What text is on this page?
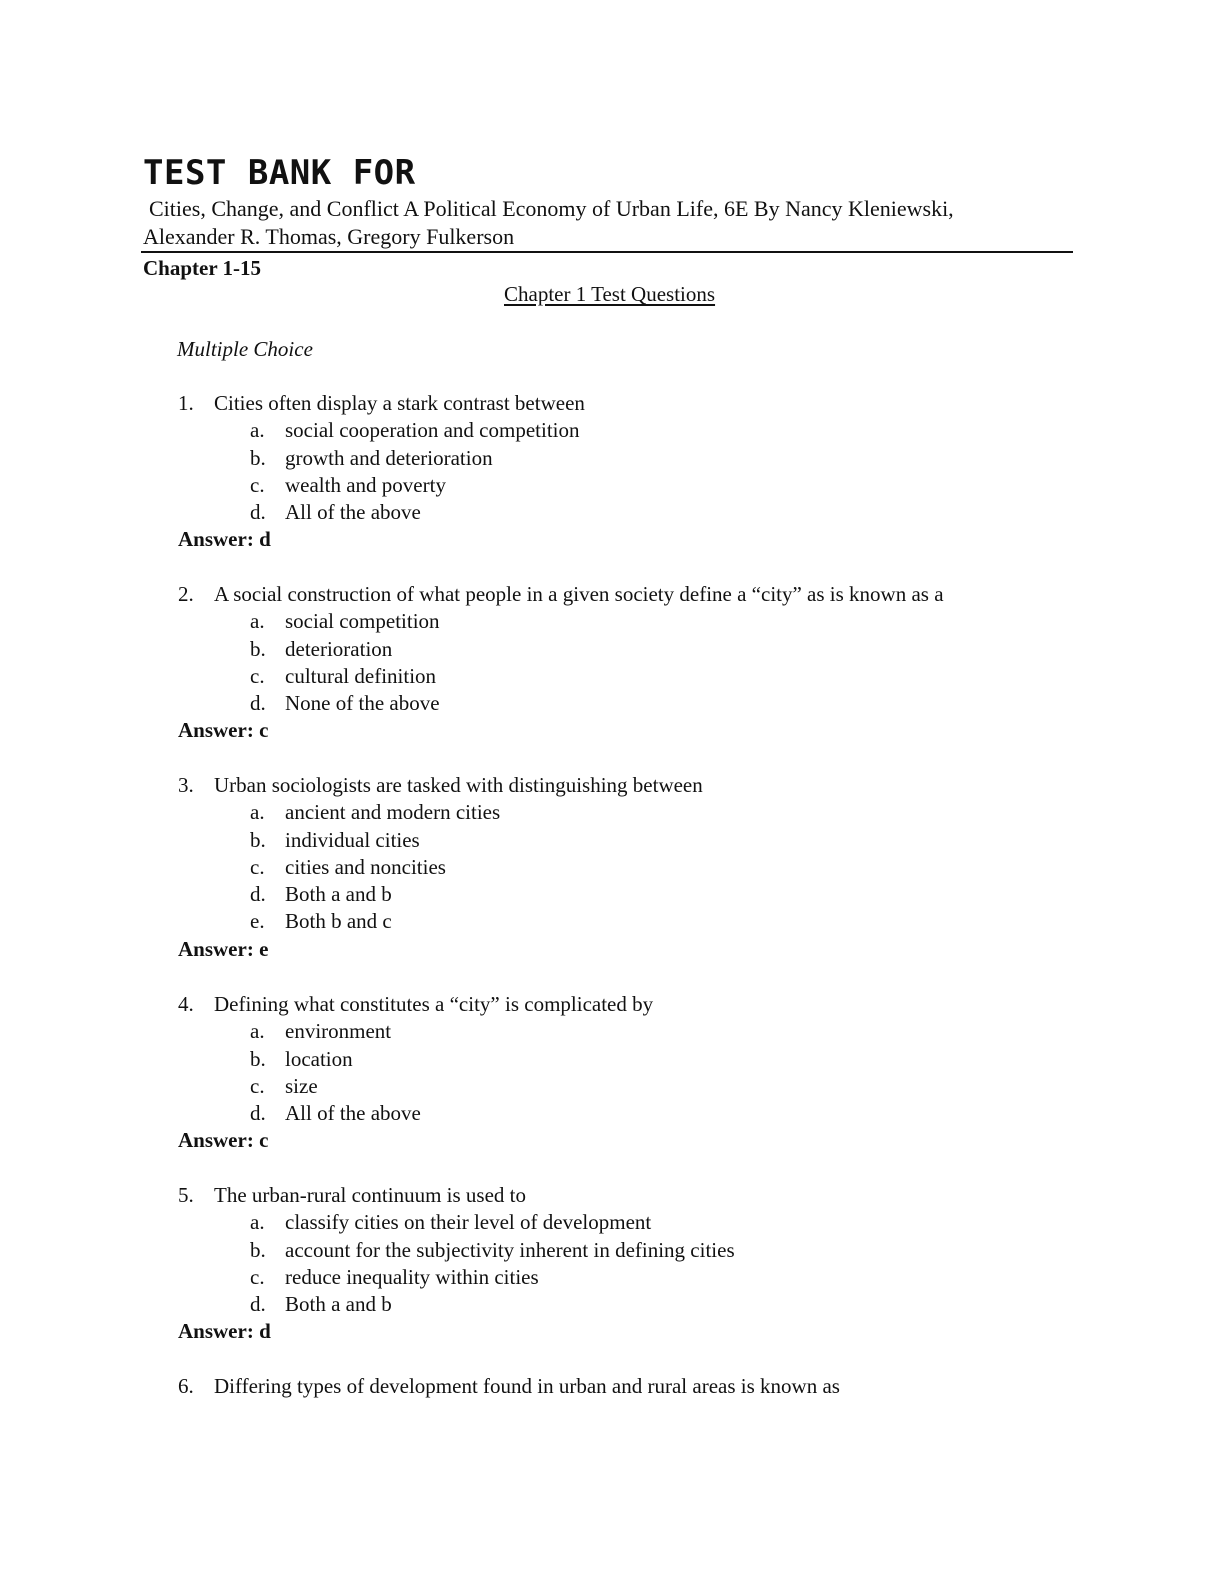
TEST BANK FOR
Cities, Change, and Conflict A Political Economy of Urban Life, 6E By Nancy Kleniewski,
Alexander R. Thomas, Gregory Fulkerson
Chapter 1-15
Chapter 1 Test Questions
Multiple Choice
1. Cities often display a stark contrast between
a. social cooperation and competition
b. growth and deterioration
c. wealth and poverty
d. All of the above
Answer: d
2. A social construction of what people in a given society define a “city” as is known as a
a. social competition
b. deterioration
c. cultural definition
d. None of the above
Answer: c
3. Urban sociologists are tasked with distinguishing between
a. ancient and modern cities
b. individual cities
c. cities and noncities
d. Both a and b
e. Both b and c
Answer: e
4. Defining what constitutes a “city” is complicated by
a. environment
b. location
c. size
d. All of the above
Answer: c
5. The urban-rural continuum is used to
a. classify cities on their level of development
b. account for the subjectivity inherent in defining cities
c. reduce inequality within cities
d. Both a and b
Answer: d
6. Differing types of development found in urban and rural areas is known as
